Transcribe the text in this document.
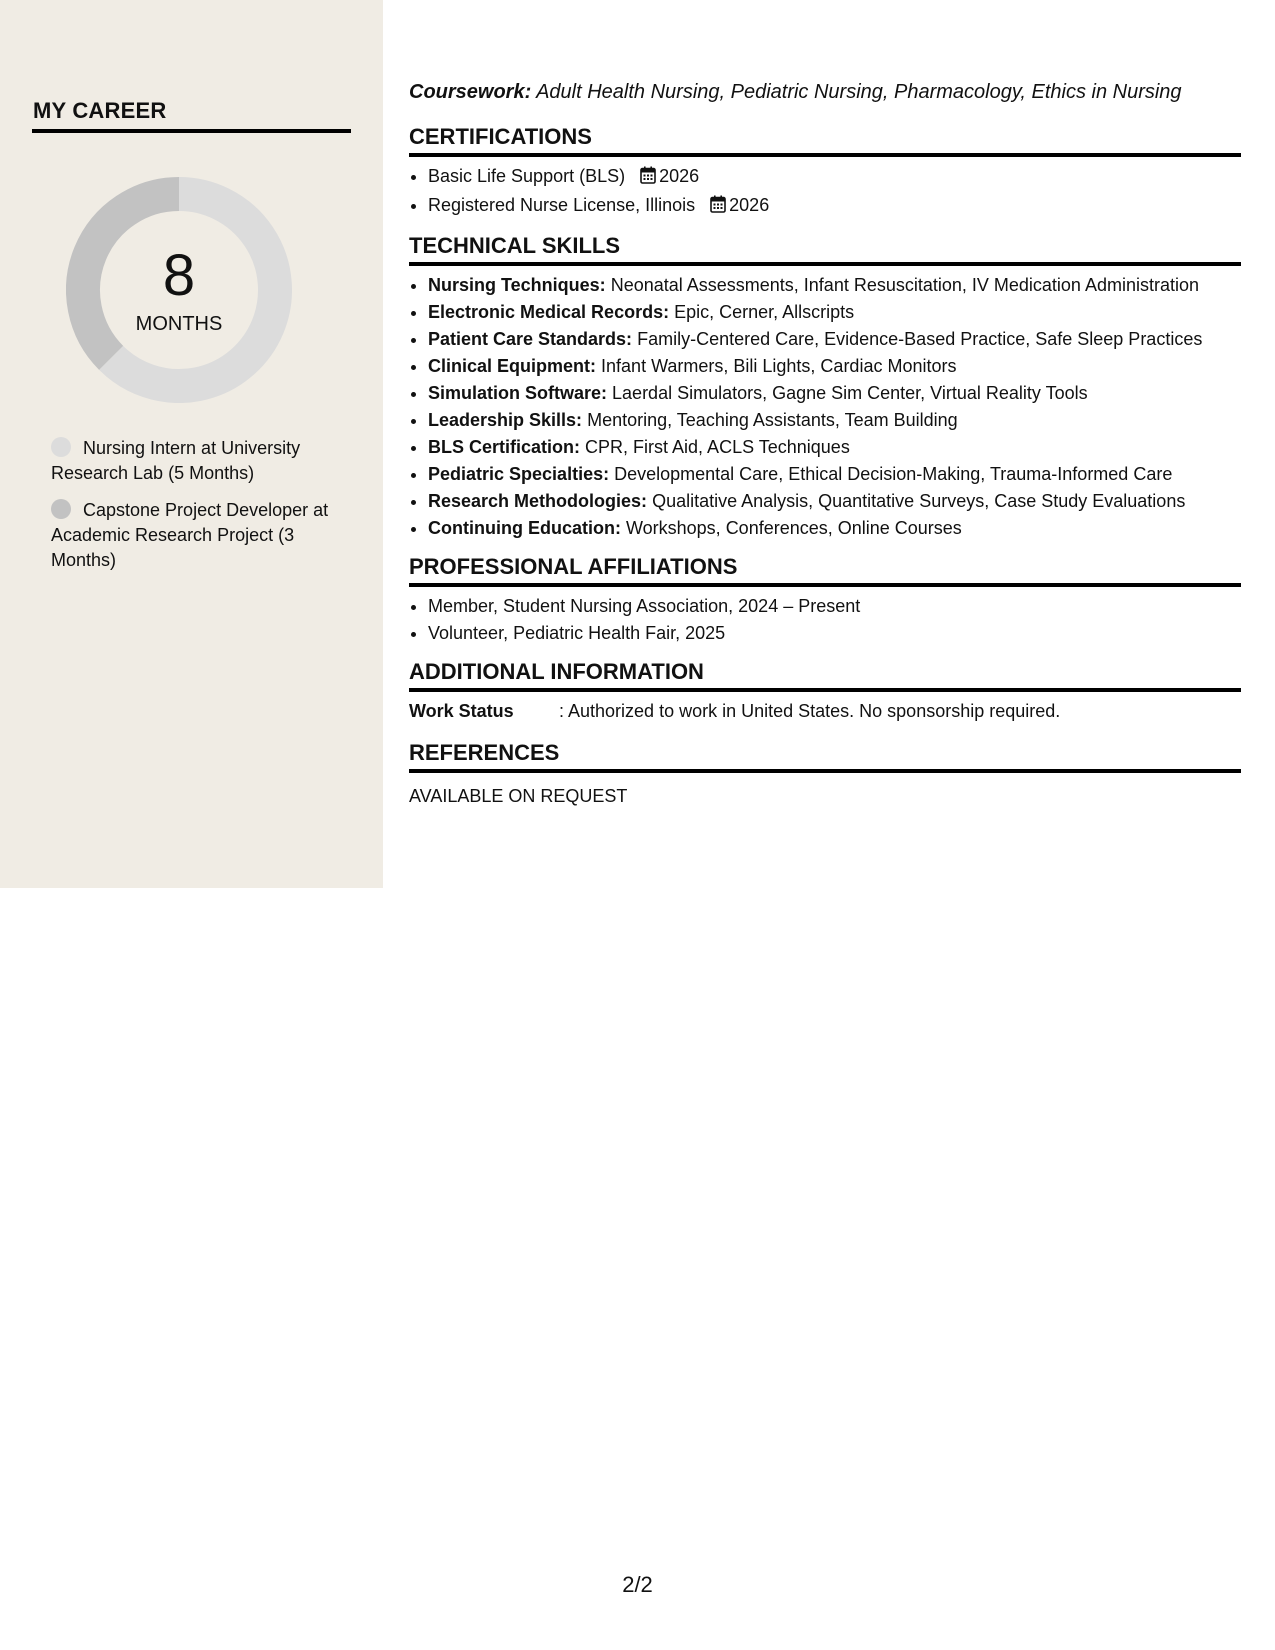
MY CAREER
8
MONTHS
Nursing Intern at University Research Lab (5 Months)
Capstone Project Developer at Academic Research Project (3 Months)
Coursework: Adult Health Nursing, Pediatric Nursing, Pharmacology, Ethics in Nursing
CERTIFICATIONS
• Basic Life Support (BLS) 2026
• Registered Nurse License, Illinois 2026
TECHNICAL SKILLS
• Nursing Techniques: Neonatal Assessments, Infant Resuscitation, IV Medication Administration
• Electronic Medical Records: Epic, Cerner, Allscripts
• Patient Care Standards: Family-Centered Care, Evidence-Based Practice, Safe Sleep Practices
• Clinical Equipment: Infant Warmers, Bili Lights, Cardiac Monitors
• Simulation Software: Laerdal Simulators, Gagne Sim Center, Virtual Reality Tools
• Leadership Skills: Mentoring, Teaching Assistants, Team Building
• BLS Certification: CPR, First Aid, ACLS Techniques
• Pediatric Specialties: Developmental Care, Ethical Decision-Making, Trauma-Informed Care
• Research Methodologies: Qualitative Analysis, Quantitative Surveys, Case Study Evaluations
• Continuing Education: Workshops, Conferences, Online Courses
PROFESSIONAL AFFILIATIONS
• Member, Student Nursing Association, 2024 – Present
• Volunteer, Pediatric Health Fair, 2025
ADDITIONAL INFORMATION
Work Status	: Authorized to work in United States. No sponsorship required.
REFERENCES
AVAILABLE ON REQUEST
2/2
